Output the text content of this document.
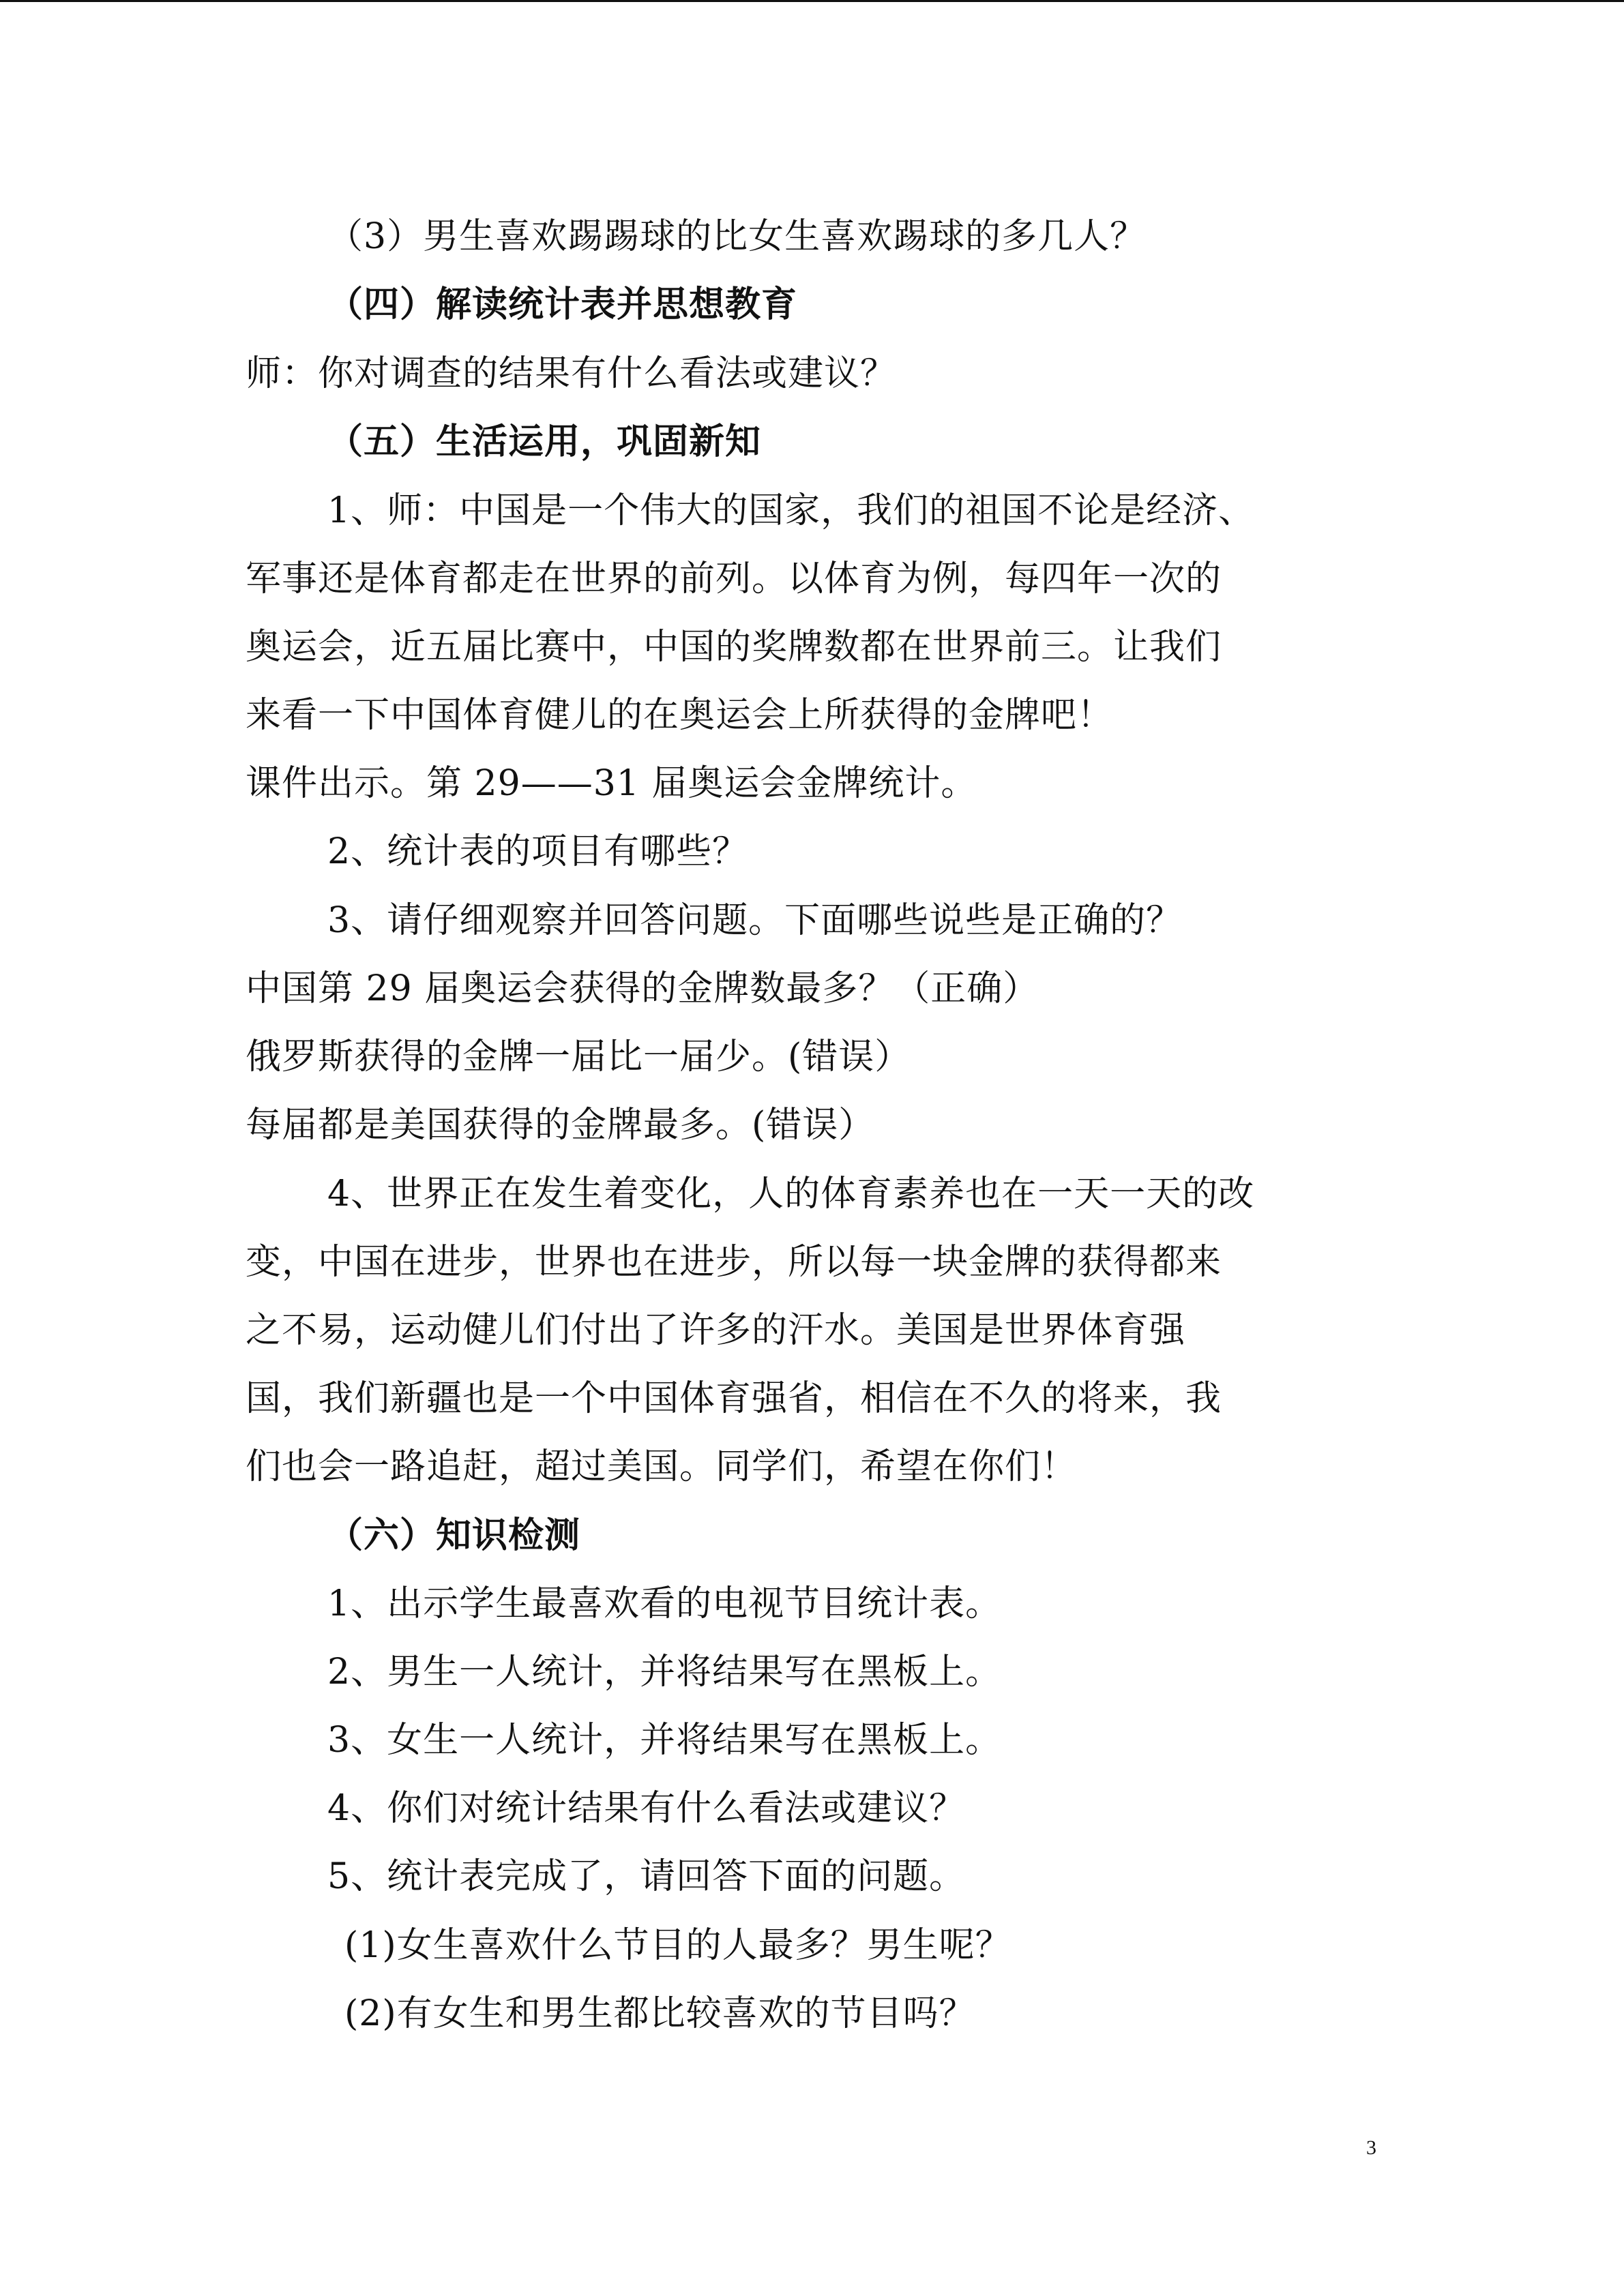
（3）男生喜欢踢踢球的比女生喜欢踢球的多几人？
（四）解读统计表并思想教育
师：你对调查的结果有什么看法或建议？
（五）生活运用，巩固新知
1、师：中国是一个伟大的国家，我们的祖国不论是经济、
军事还是体育都走在世界的前列。以体育为例，每四年一次的
奥运会，近五届比赛中，中国的奖牌数都在世界前三。让我们
来看一下中国体育健儿的在奥运会上所获得的金牌吧！
课件出示。第 29——31 届奥运会金牌统计。
2、统计表的项目有哪些？
3、请仔细观察并回答问题。下面哪些说些是正确的？
中国第 29 届奥运会获得的金牌数最多？（正确）
俄罗斯获得的金牌一届比一届少。(错误）
每届都是美国获得的金牌最多。(错误）
4、世界正在发生着变化，人的体育素养也在一天一天的改
变，中国在进步，世界也在进步，所以每一块金牌的获得都来
之不易，运动健儿们付出了许多的汗水。美国是世界体育强
国，我们新疆也是一个中国体育强省，相信在不久的将来，我
们也会一路追赶，超过美国。同学们，希望在你们！
（六）知识检测
1、出示学生最喜欢看的电视节目统计表。
2、男生一人统计，并将结果写在黑板上。
3、女生一人统计，并将结果写在黑板上。
4、你们对统计结果有什么看法或建议？
5、统计表完成了，请回答下面的问题。
(1)女生喜欢什么节目的人最多？男生呢？
(2)有女生和男生都比较喜欢的节目吗？
3
